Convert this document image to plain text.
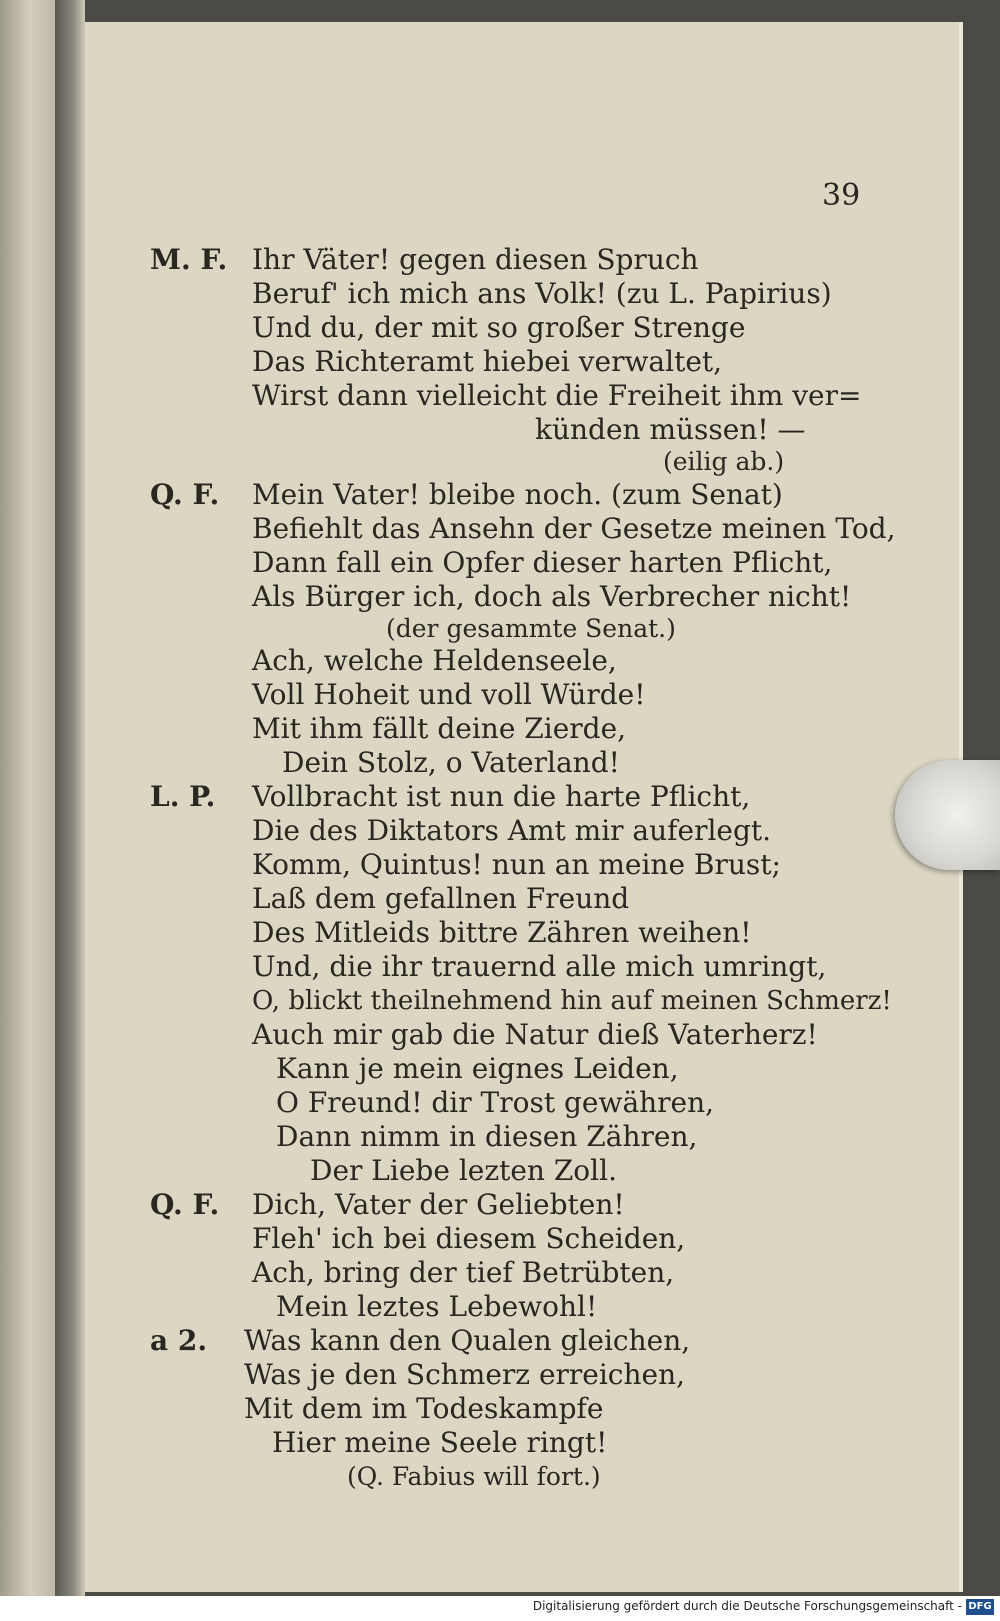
39
M. F. Ihr Väter! gegen diesen Spruch
Beruf' ich mich ans Volk! (zu L. Papirius)
Und du, der mit so großer Strenge
Das Richteramt hiebei verwaltet,
Wirst dann vielleicht die Freiheit ihm ver=
künden müssen! —
(eilig ab.)
Q. F. Mein Vater! bleibe noch. (zum Senat)
Befiehlt das Ansehn der Gesetze meinen Tod,
Dann fall ein Opfer dieser harten Pflicht,
Als Bürger ich, doch als Verbrecher nicht!
(der gesammte Senat.)
Ach, welche Heldenseele,
Voll Hoheit und voll Würde!
Mit ihm fällt deine Zierde,
Dein Stolz, o Vaterland!
L. P. Vollbracht ist nun die harte Pflicht,
Die des Diktators Amt mir auferlegt.
Komm, Quintus! nun an meine Brust;
Laß dem gefallnen Freund
Des Mitleids bittre Zähren weihen!
Und, die ihr trauernd alle mich umringt,
O, blickt theilnehmend hin auf meinen Schmerz!
Auch mir gab die Natur dieß Vaterherz!
Kann je mein eignes Leiden,
O Freund! dir Trost gewähren,
Dann nimm in diesen Zähren,
Der Liebe lezten Zoll.
Q. F. Dich, Vater der Geliebten!
Fleh' ich bei diesem Scheiden,
Ach, bring der tief Betrübten,
Mein leztes Lebewohl!
a 2. Was kann den Qualen gleichen,
Was je den Schmerz erreichen,
Mit dem im Todeskampfe
Hier meine Seele ringt!
(Q. Fabius will fort.)
Digitalisierung gefördert durch die Deutsche Forschungsgemeinschaft - DFG
